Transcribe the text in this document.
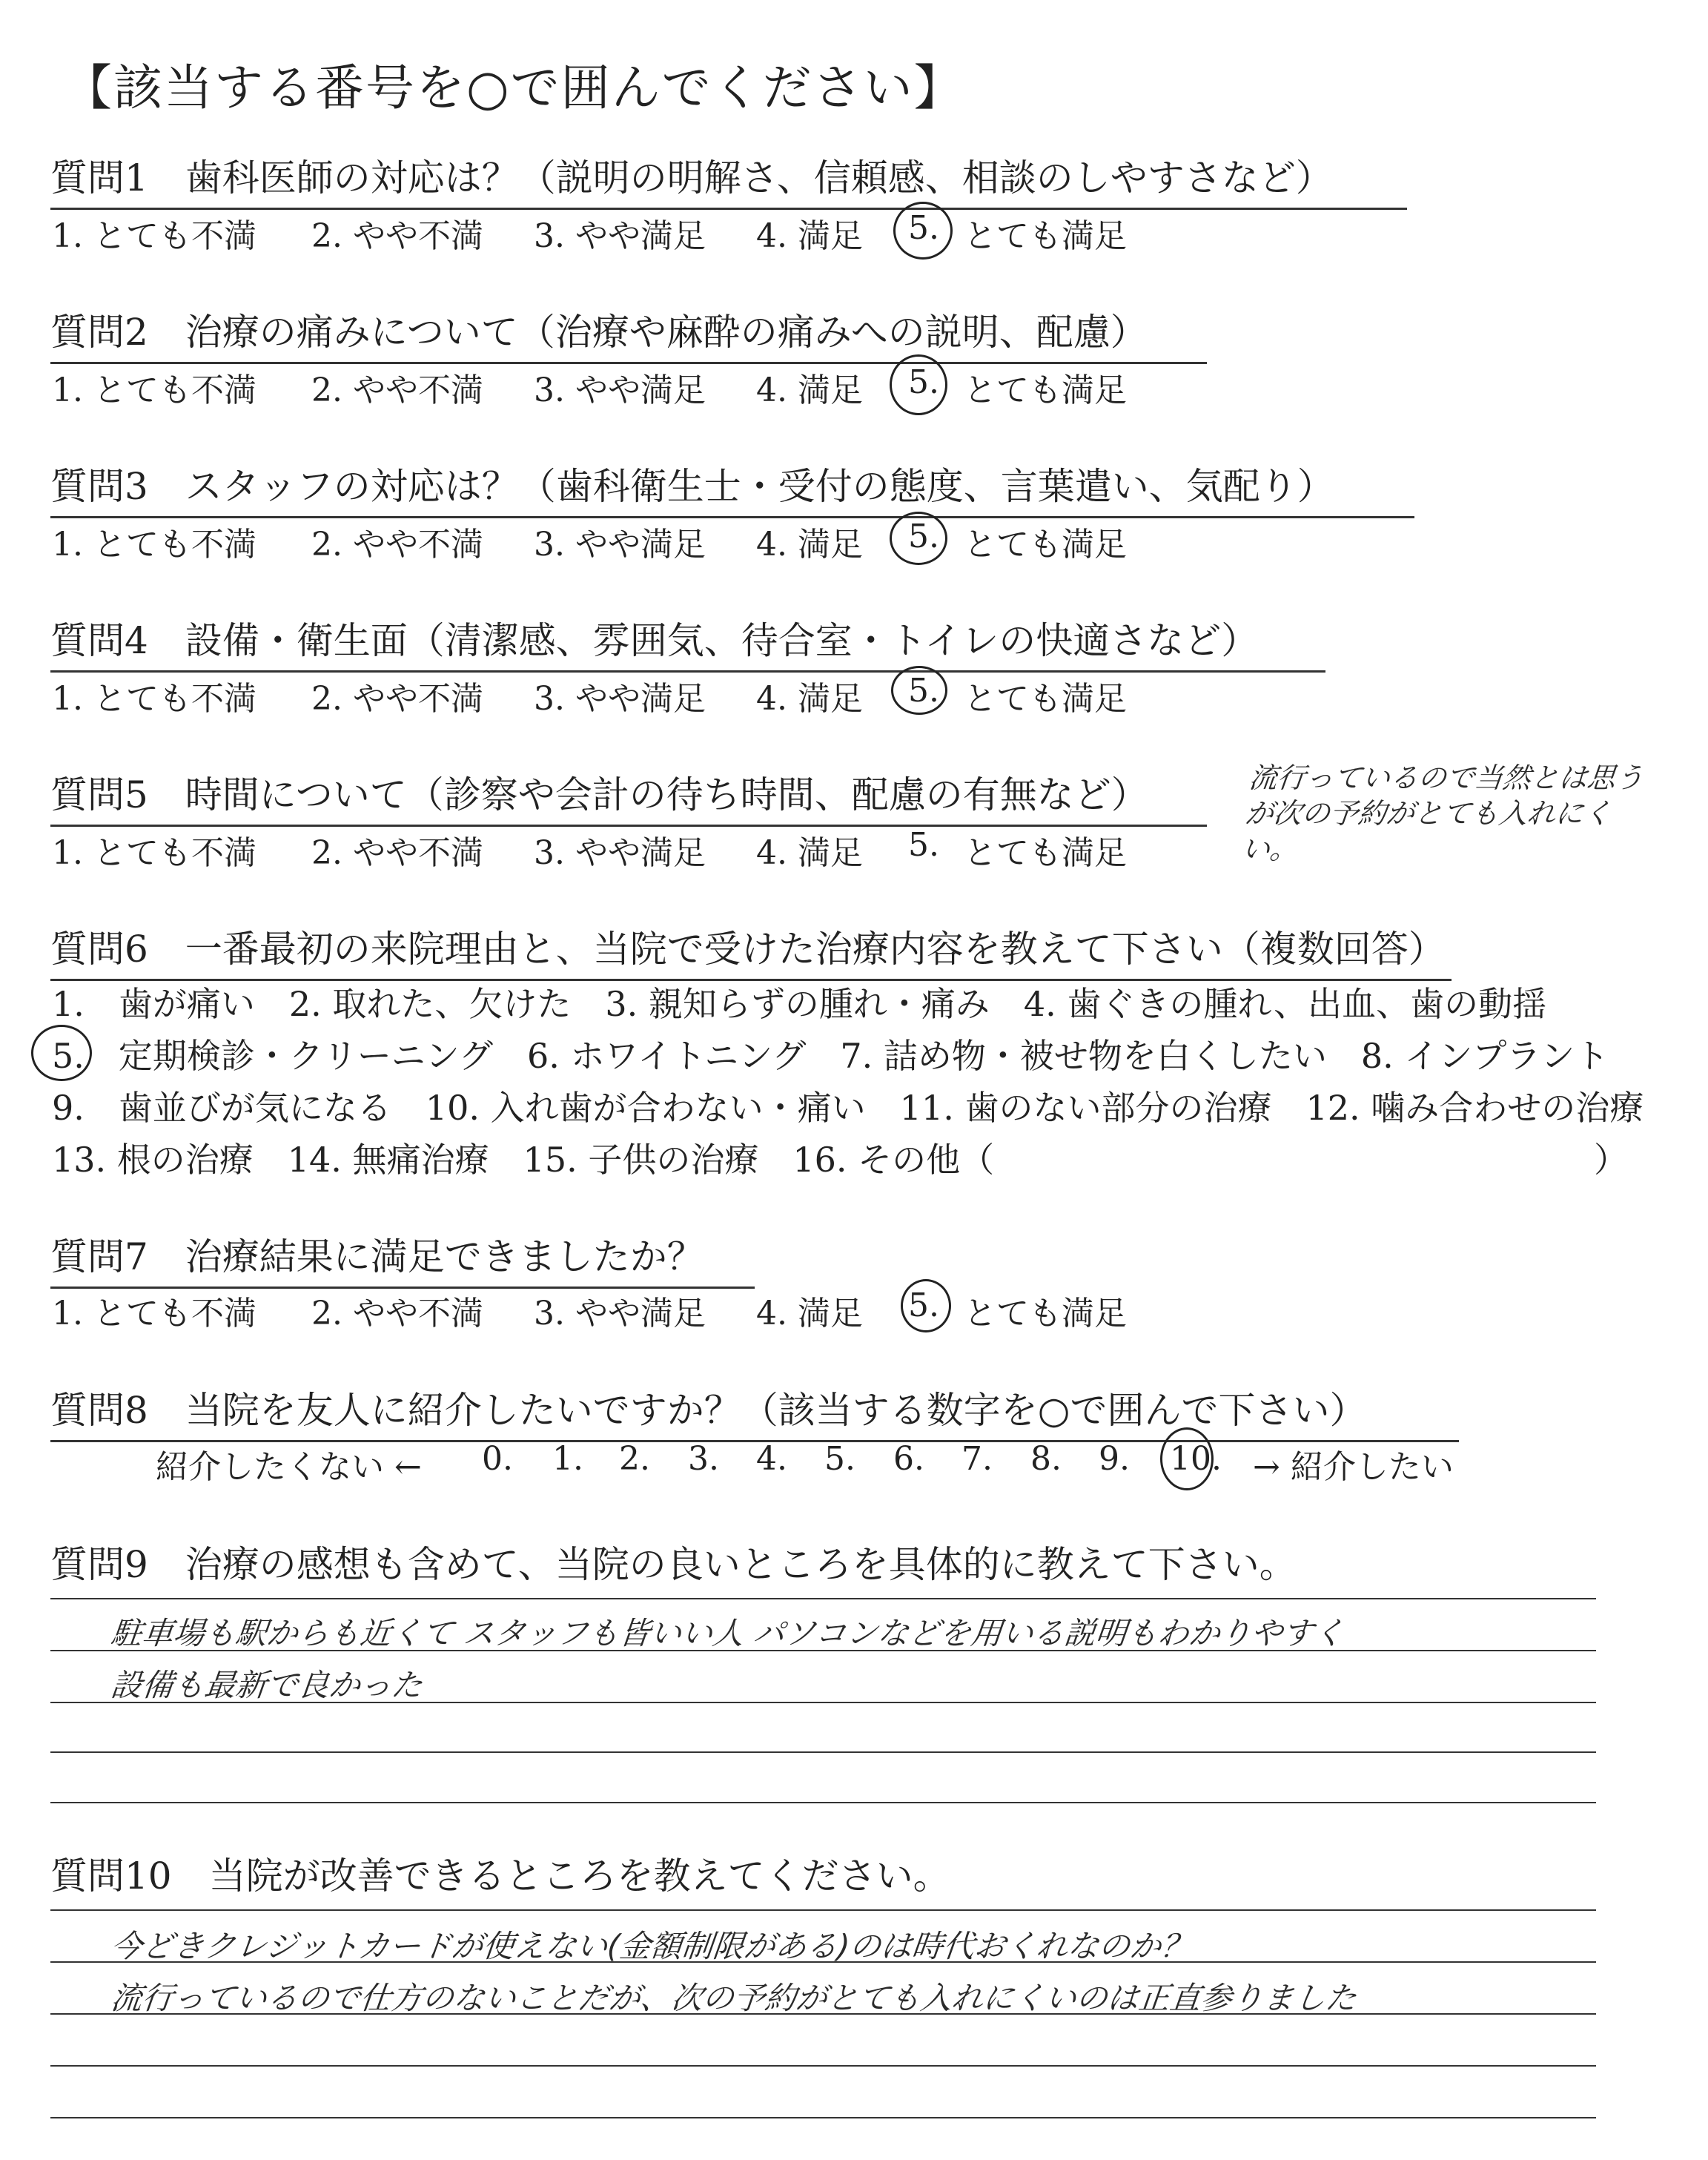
【該当する番号を○で囲んでください】
質問1　歯科医師の対応は？（説明の明解さ、信頼感、相談のしやすさなど）
1. とても不満 2. やや不満 3. やや満足 4. 満足 5. とても満足
質問2　治療の痛みについて（治療や麻酔の痛みへの説明、配慮）
1. とても不満 2. やや不満 3. やや満足 4. 満足 5. とても満足
質問3　スタッフの対応は？（歯科衛生士・受付の態度、言葉遣い、気配り）
1. とても不満 2. やや不満 3. やや満足 4. 満足 5. とても満足
質問4　設備・衛生面（清潔感、雰囲気、待合室・トイレの快適さなど）
1. とても不満 2. やや不満 3. やや満足 4. 満足 5. とても満足
質問5　時間について（診察や会計の待ち時間、配慮の有無など）
1. とても不満 2. やや不満 3. やや満足 4. 満足 5. とても満足
流行っているので当然とは思うが次の予約がとても入れにくい。
質問6　一番最初の来院理由と、当院で受けた治療内容を教えて下さい（複数回答）
1.　歯が痛い　2. 取れた、欠けた　3. 親知らずの腫れ・痛み　4. 歯ぐきの腫れ、出血、歯の動揺
5.　定期検診・クリーニング　6. ホワイトニング　7. 詰め物・被せ物を白くしたい　8. インプラント
9.　歯並びが気になる　10. 入れ歯が合わない・痛い　11. 歯のない部分の治療　12. 噛み合わせの治療
13. 根の治療　14. 無痛治療　15. 子供の治療　16. その他（	）
質問7　治療結果に満足できましたか？
1. とても不満 2. やや不満 3. やや満足 4. 満足 5. とても満足
質問8　当院を友人に紹介したいですか？（該当する数字を○で囲んで下さい）
紹介したくない ← 0. 1. 2. 3. 4. 5. 6. 7. 8. 9. 10. → 紹介したい
質問9　治療の感想も含めて、当院の良いところを具体的に教えて下さい。
駐車場も駅からも近くて スタッフも皆いい人 パソコンなどを用いる説明もわかりやすく
設備も最新で良かった
質問10　当院が改善できるところを教えてください。
今どきクレジットカードが使えない(金額制限がある)のは時代おくれなのか？
流行っているので仕方のないことだが、次の予約がとても入れにくいのは正直参りました
